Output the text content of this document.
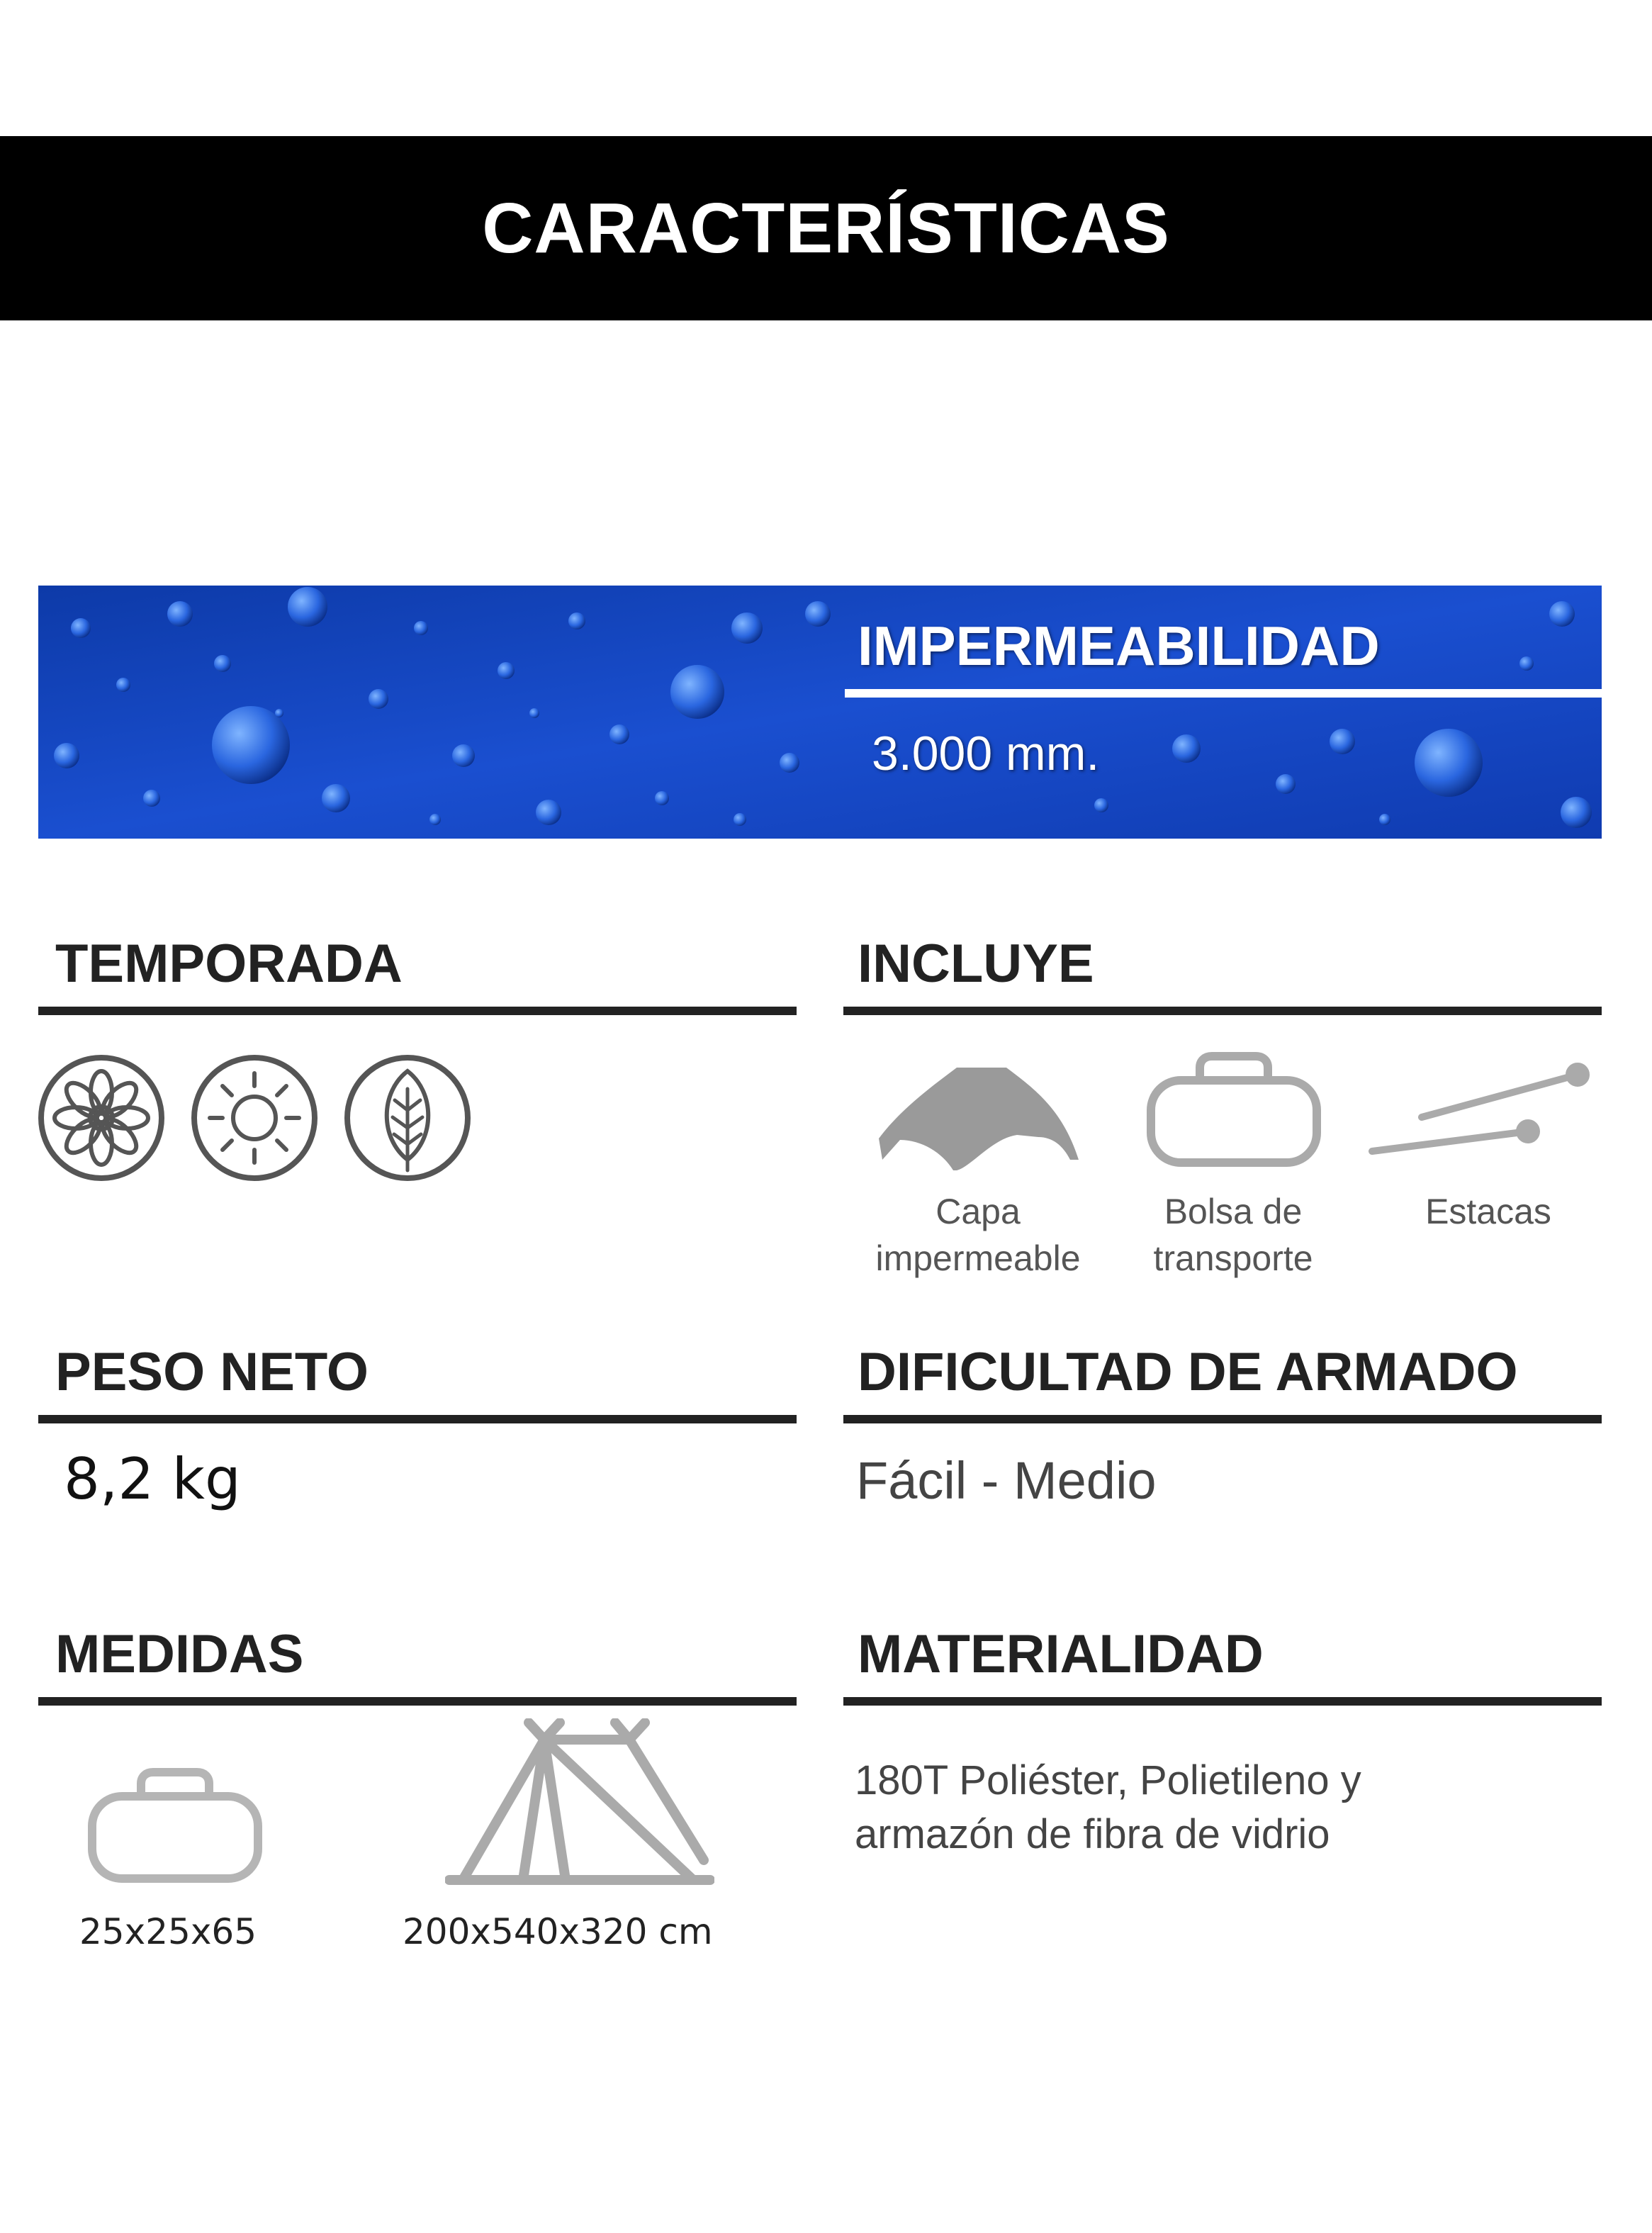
CARACTERÍSTICAS
IMPERMEABILIDAD
3.000 mm.
TEMPORADA	INCLUYE
Capa
impermeable
Bolsa de
transporte
Estacas
PESO NETO
8,2 kg
DIFICULTAD DE ARMADO
Fácil - Medio
MEDIDAS
25x25x65	200x540x320 cm
MATERIALIDAD
180T Poliéster, Polietileno y
armazón de fibra de vidrio
